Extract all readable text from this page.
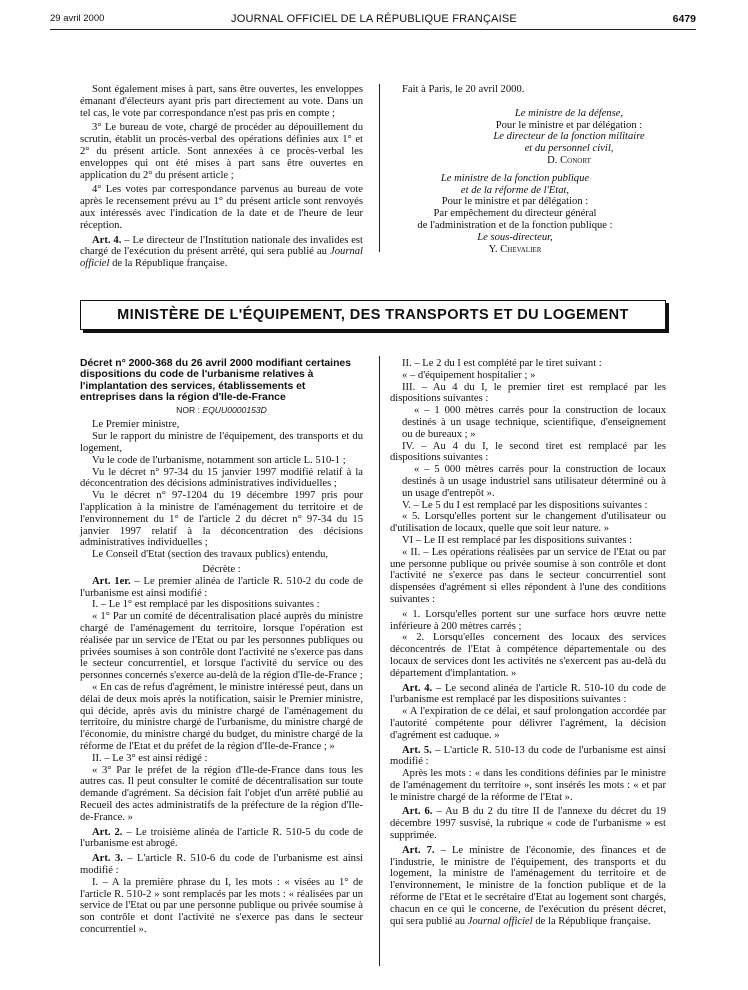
29 avril 2000	JOURNAL OFFICIEL DE LA RÉPUBLIQUE FRANÇAISE	6479

Sont également mises à part, sans être ouvertes, les enveloppes émanant d'électeurs ayant pris part directement au vote. Dans un tel cas, le vote par correspondance n'est pas pris en compte ;

3° Le bureau de vote, chargé de procéder au dépouillement du scrutin, établit un procès-verbal des opérations définies aux 1° et 2° du présent article. Sont annexées à ce procès-verbal les enveloppes qui ont été mises à part sans être ouvertes en application du 2° du présent article ;

4° Les votes par correspondance parvenus au bureau de vote après le recensement prévu au 1° du présent article sont renvoyés aux intéressés avec l'indication de la date et de l'heure de leur réception.

Art. 4. – Le directeur de l'Institution nationale des invalides est chargé de l'exécution du présent arrêté, qui sera publié au Journal officiel de la République française.

Fait à Paris, le 20 avril 2000.

Le ministre de la défense,

Pour le ministre et par délégation :

Le directeur de la fonction militaire

et du personnel civil,

D. Conort

Le ministre de la fonction publique

et de la réforme de l'Etat,

Pour le ministre et par délégation :

Par empêchement du directeur général

de l'administration et de la fonction publique :

Le sous-directeur,

Y. Chevalier

MINISTÈRE DE L'ÉQUIPEMENT, DES TRANSPORTS ET DU LOGEMENT

Décret n° 2000-368 du 26 avril 2000 modifiant certaines dispositions du code de l'urbanisme relatives à l'implantation des services, établissements et entreprises dans la région d'Ile-de-France

NOR : EQUU0000153D

Le Premier ministre,

Sur le rapport du ministre de l'équipement, des transports et du logement,

Vu le code de l'urbanisme, notamment son article L. 510-1 ;

Vu le décret n° 97-34 du 15 janvier 1997 modifié relatif à la déconcentration des décisions administratives individuelles ;

Vu le décret n° 97-1204 du 19 décembre 1997 pris pour l'application à la ministre de l'aménagement du territoire et de l'environnement du 1° de l'article 2 du décret n° 97-34 du 15 janvier 1997 relatif à la déconcentration des décisions administratives individuelles ;

Le Conseil d'Etat (section des travaux publics) entendu,

Décrète :

Art. 1er. – Le premier alinéa de l'article R. 510-2 du code de l'urbanisme est ainsi modifié :

I. – Le 1° est remplacé par les dispositions suivantes :

« 1° Par un comité de décentralisation placé auprès du ministre chargé de l'aménagement du territoire, lorsque l'opération est réalisée par un service de l'Etat ou par les personnes publiques ou privées soumises à son contrôle dont l'activité ne s'exerce pas dans le secteur concurrentiel, et lorsque l'activité du service ou des personnes concernés s'exerce au-delà de la région d'Ile-de-France ;

« En cas de refus d'agrément, le ministre intéressé peut, dans un délai de deux mois après la notification, saisir le Premier ministre, qui décide, après avis du ministre chargé de l'aménagement du territoire, du ministre chargé de l'urbanisme, du ministre chargé de l'économie, du ministre chargé du budget, du ministre chargé de la réforme de l'Etat et du préfet de la région d'Ile-de-France ; »

II. – Le 3° est ainsi rédigé :

« 3° Par le préfet de la région d'Ile-de-France dans tous les autres cas. Il peut consulter le comité de décentralisation sur toute demande d'agrément. Sa décision fait l'objet d'un arrêté publié au Recueil des actes administratifs de la préfecture de la région d'Ile-de-France. »

Art. 2. – Le troisième alinéa de l'article R. 510-5 du code de l'urbanisme est abrogé.

Art. 3. – L'article R. 510-6 du code de l'urbanisme est ainsi modifié :

I. – A la première phrase du I, les mots : « visées au 1° de l'article R. 510-2 » sont remplacés par les mots : « réalisées par un service de l'Etat ou par une personne publique ou privée soumise à son contrôle et dont l'activité ne s'exerce pas dans le secteur concurrentiel ».

II. – Le 2 du I est complété par le tiret suivant :

« – d'équipement hospitalier ; »

III. – Au 4 du I, le premier tiret est remplacé par les dispositions suivantes :

« – 1 000 mètres carrés pour la construction de locaux destinés à un usage technique, scientifique, d'enseignement ou de bureaux ; »

IV. – Au 4 du I, le second tiret est remplacé par les dispositions suivantes :

« – 5 000 mètres carrés pour la construction de locaux destinés à un usage industriel sans utilisateur déterminé ou à un usage d'entrepôt ».

V. – Le 5 du I est remplacé par les dispositions suivantes :

« 5. Lorsqu'elles portent sur le changement d'utilisateur ou d'utilisation de locaux, quelle que soit leur nature. »

VI – Le II est remplacé par les dispositions suivantes :

« II. – Les opérations réalisées par un service de l'Etat ou par une personne publique ou privée soumise à son contrôle et dont l'activité ne s'exerce pas dans le secteur concurrentiel sont dispensées d'agrément si elles répondent à l'une des conditions suivantes :

« 1. Lorsqu'elles portent sur une surface hors œuvre nette inférieure à 200 mètres carrés ;

« 2. Lorsqu'elles concernent des locaux des services déconcentrés de l'Etat à compétence départementale ou des locaux de services dont les activités ne s'exercent pas au-delà du département d'implantation. »

Art. 4. – Le second alinéa de l'article R. 510-10 du code de l'urbanisme est remplacé par les dispositions suivantes :

« A l'expiration de ce délai, et sauf prolongation accordée par l'autorité compétente pour délivrer l'agrément, la décision d'agrément est caduque. »

Art. 5. – L'article R. 510-13 du code de l'urbanisme est ainsi modifié :

Après les mots : « dans les conditions définies par le ministre de l'aménagement du territoire », sont insérés les mots : « et par le ministre chargé de la réforme de l'Etat ».

Art. 6. – Au B du 2 du titre II de l'annexe du décret du 19 décembre 1997 susvisé, la rubrique « code de l'urbanisme » est supprimée.

Art. 7. – Le ministre de l'économie, des finances et de l'industrie, le ministre de l'équipement, des transports et du logement, la ministre de l'aménagement du territoire et de l'environnement, le ministre de la fonction publique et de la réforme de l'Etat et le secrétaire d'Etat au logement sont chargés, chacun en ce qui le concerne, de l'exécution du présent décret, qui sera publié au Journal officiel de la République française.
